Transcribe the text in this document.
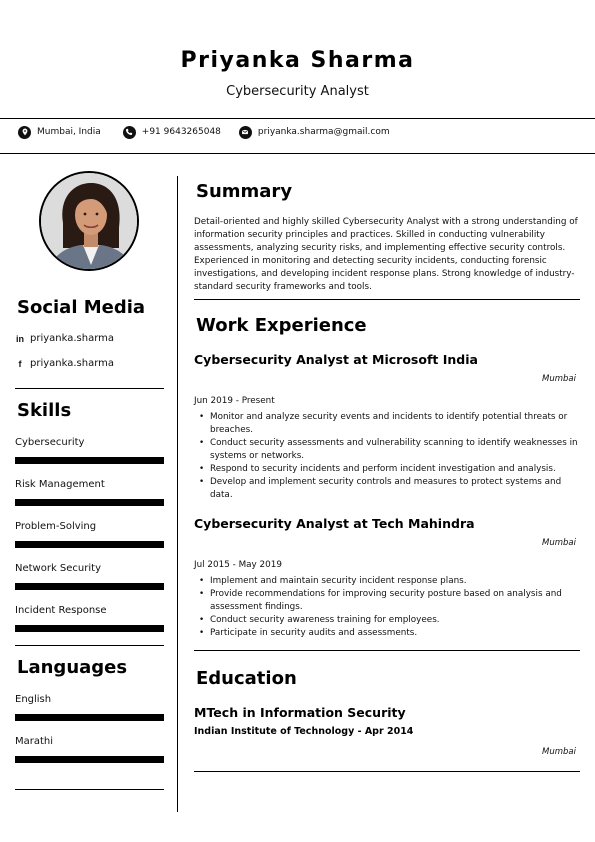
Priyanka Sharma
Cybersecurity Analyst
Mumbai, India	+91 9643265048	priyanka.sharma@gmail.com
Social Media
in priyanka.sharma
f priyanka.sharma
Skills
Cybersecurity
Risk Management
Problem-Solving
Network Security
Incident Response
Languages
English
Marathi
Summary
Detail-oriented and highly skilled Cybersecurity Analyst with a strong understanding of information security principles and practices. Skilled in conducting vulnerability assessments, analyzing security risks, and implementing effective security controls. Experienced in monitoring and detecting security incidents, conducting forensic investigations, and developing incident response plans. Strong knowledge of industry-standard security frameworks and tools.
Work Experience
Cybersecurity Analyst at Microsoft India
Mumbai
Jun 2019 - Present
• Monitor and analyze security events and incidents to identify potential threats or breaches.
• Conduct security assessments and vulnerability scanning to identify weaknesses in systems or networks.
• Respond to security incidents and perform incident investigation and analysis.
• Develop and implement security controls and measures to protect systems and data.
Cybersecurity Analyst at Tech Mahindra
Mumbai
Jul 2015 - May 2019
• Implement and maintain security incident response plans.
• Provide recommendations for improving security posture based on analysis and assessment findings.
• Conduct security awareness training for employees.
• Participate in security audits and assessments.
Education
MTech in Information Security
Indian Institute of Technology - Apr 2014
Mumbai
